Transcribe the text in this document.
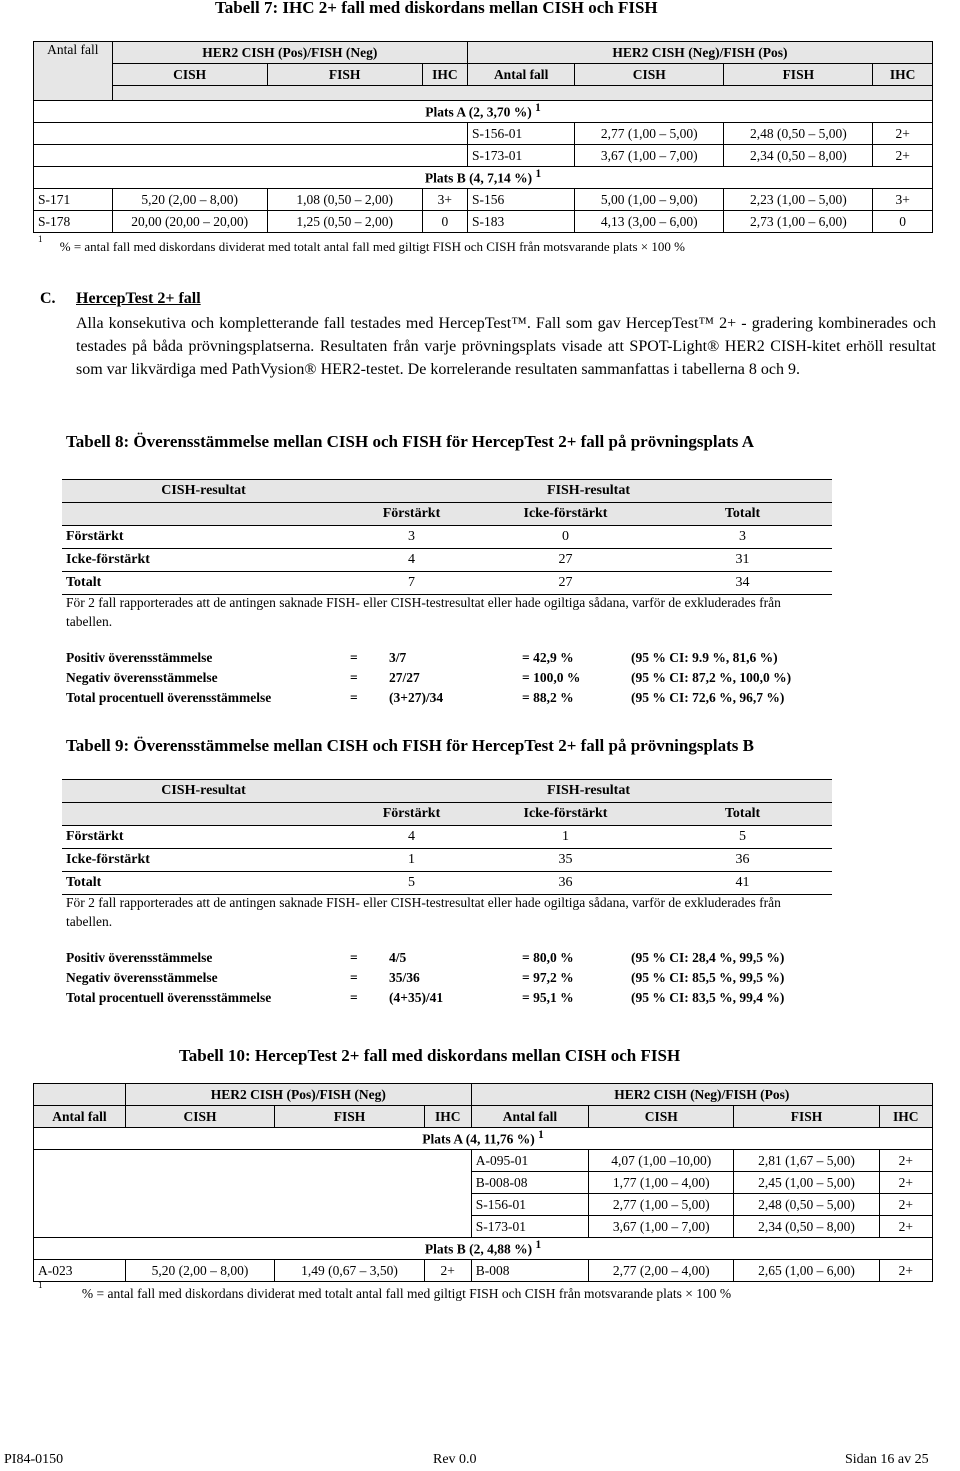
Tabell 7: IHC 2+ fall med diskordans mellan CISH och FISH
Antal fall	HER2 CISH (Pos)/FISH (Neg)			HER2 CISH (Neg)/FISH (Pos)			
	CISH	FISH	IHC	Antal fall	CISH	FISH	IHC

Plats A (2, 3,70 %) $^1$
				S-156-01	2,77 (1,00 – 5,00)	2,48 (0,50 – 5,00)	2+
				S-173-01	3,67 (1,00 – 7,00)	2,34 (0,50 – 8,00)	2+
Plats B (4, 7,14 %) $^1$
S-171	5,20 (2,00 – 8,00)	1,08 (0,50 – 2,00)	3+	S-156	5,00 (1,00 – 9,00)	2,23 (1,00 – 5,00)	3+
S-178	20,00 (20,00 – 20,00)	1,25 (0,50 – 2,00)	0	S-183	4,13 (3,00 – 6,00)	2,73 (1,00 – 6,00)	0
$^1$ % = antal fall med diskordans dividerat med totalt antal fall med giltigt FISH och CISH från motsvarande plats × 100 %
C. HercepTest 2+ fall
Alla konsekutiva och kompletterande fall testades med HercepTest™. Fall som gav HercepTest™ 2+ - gradering kombinerades och testades på båda prövningsplatserna. Resultaten från varje prövningsplats visade att SPOT-Light® HER2 CISH-kitet erhöll resultat som var likvärdiga med PathVysion® HER2-testet. De korrelerande resultaten sammanfattas i tabellerna 8 och 9.
Tabell 8: Överensstämmelse mellan CISH och FISH för HercepTest 2+ fall på prövningsplats A
CISH-resultat	FISH-resultat		
	Förstärkt	Icke-förstärkt	Totalt
Förstärkt	3	0	3
Icke-förstärkt	4	27	31
Totalt	7	27	34
För 2 fall rapporterades att de antingen saknade FISH- eller CISH-testresultat eller hade ogiltiga sådana, varför de exkluderades från tabellen.
Positiv överensstämmelse	= 3/7	= 42,9 %	(95 % CI: 9.9 %, 81,6 %)
Negativ överensstämmelse	= 27/27	= 100,0 %	(95 % CI: 87,2 %, 100,0 %)
Total procentuell överensstämmelse	= (3+27)/34	= 88,2 %	(95 % CI: 72,6 %, 96,7 %)
Tabell 9: Överensstämmelse mellan CISH och FISH för HercepTest 2+ fall på prövningsplats B
CISH-resultat	FISH-resultat		
	Förstärkt	Icke-förstärkt	Totalt
Förstärkt	4	1	5
Icke-förstärkt	1	35	36
Totalt	5	36	41
För 2 fall rapporterades att de antingen saknade FISH- eller CISH-testresultat eller hade ogiltiga sådana, varför de exkluderades från tabellen.
Positiv överensstämmelse	= 4/5	= 80,0 %	(95 % CI: 28,4 %, 99,5 %)
Negativ överensstämmelse	= 35/36	= 97,2 %	(95 % CI: 85,5 %, 99,5 %)
Total procentuell överensstämmelse	= (4+35)/41	= 95,1 %	(95 % CI: 83,5 %, 99,4 %)
Tabell 10: HercepTest 2+ fall med diskordans mellan CISH och FISH
	HER2 CISH (Pos)/FISH (Neg)			HER2 CISH (Neg)/FISH (Pos)			
Antal fall	CISH	FISH	IHC	Antal fall	CISH	FISH	IHC
Plats A (4, 11,76 %) $^1$
				A-095-01	4,07 (1,00 –10,00)	2,81 (1,67 – 5,00)	2+
				B-008-08	1,77 (1,00 – 4,00)	2,45 (1,00 – 5,00)	2+
				S-156-01	2,77 (1,00 – 5,00)	2,48 (0,50 – 5,00)	2+
				S-173-01	3,67 (1,00 – 7,00)	2,34 (0,50 – 8,00)	2+
Plats B (2, 4,88 %) $^1$
A-023	5,20 (2,00 – 8,00)	1,49 (0,67 – 3,50)	2+	B-008	2,77 (2,00 – 4,00)	2,65 (1,00 – 6,00)	2+
$^1$ % = antal fall med diskordans dividerat med totalt antal fall med giltigt FISH och CISH från motsvarande plats × 100 %
PI84-0150	Rev 0.0	Sidan 16 av 25
